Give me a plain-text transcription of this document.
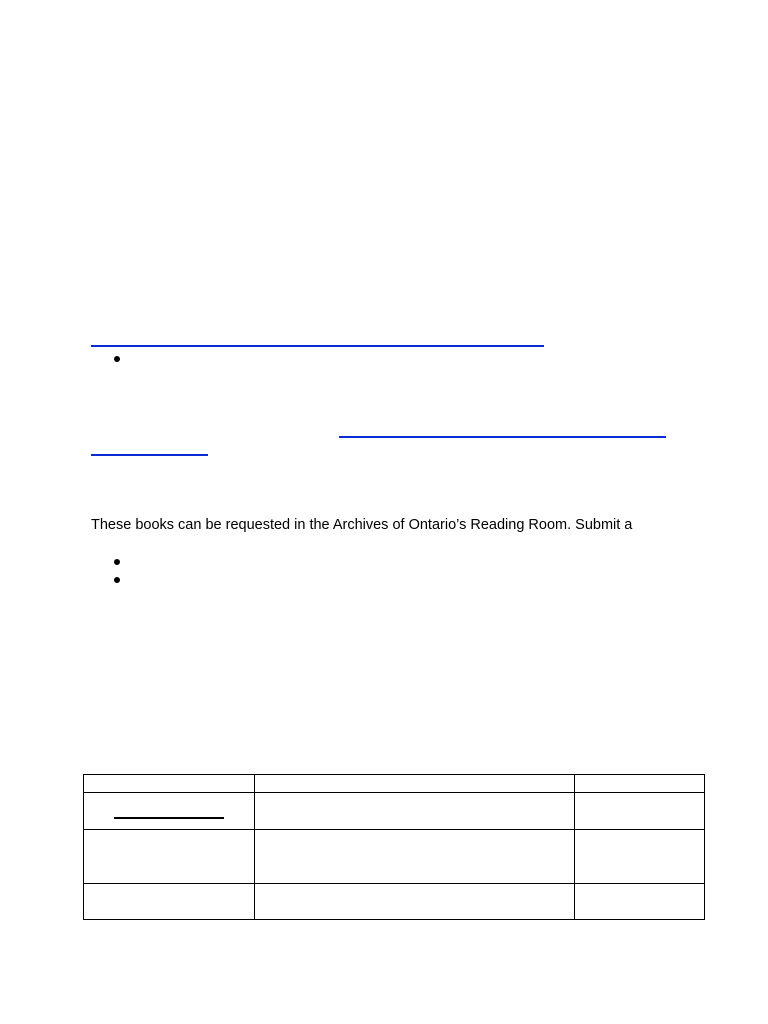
These books can be requested in the Archives of Ontario’s Reading Room. Submit a
